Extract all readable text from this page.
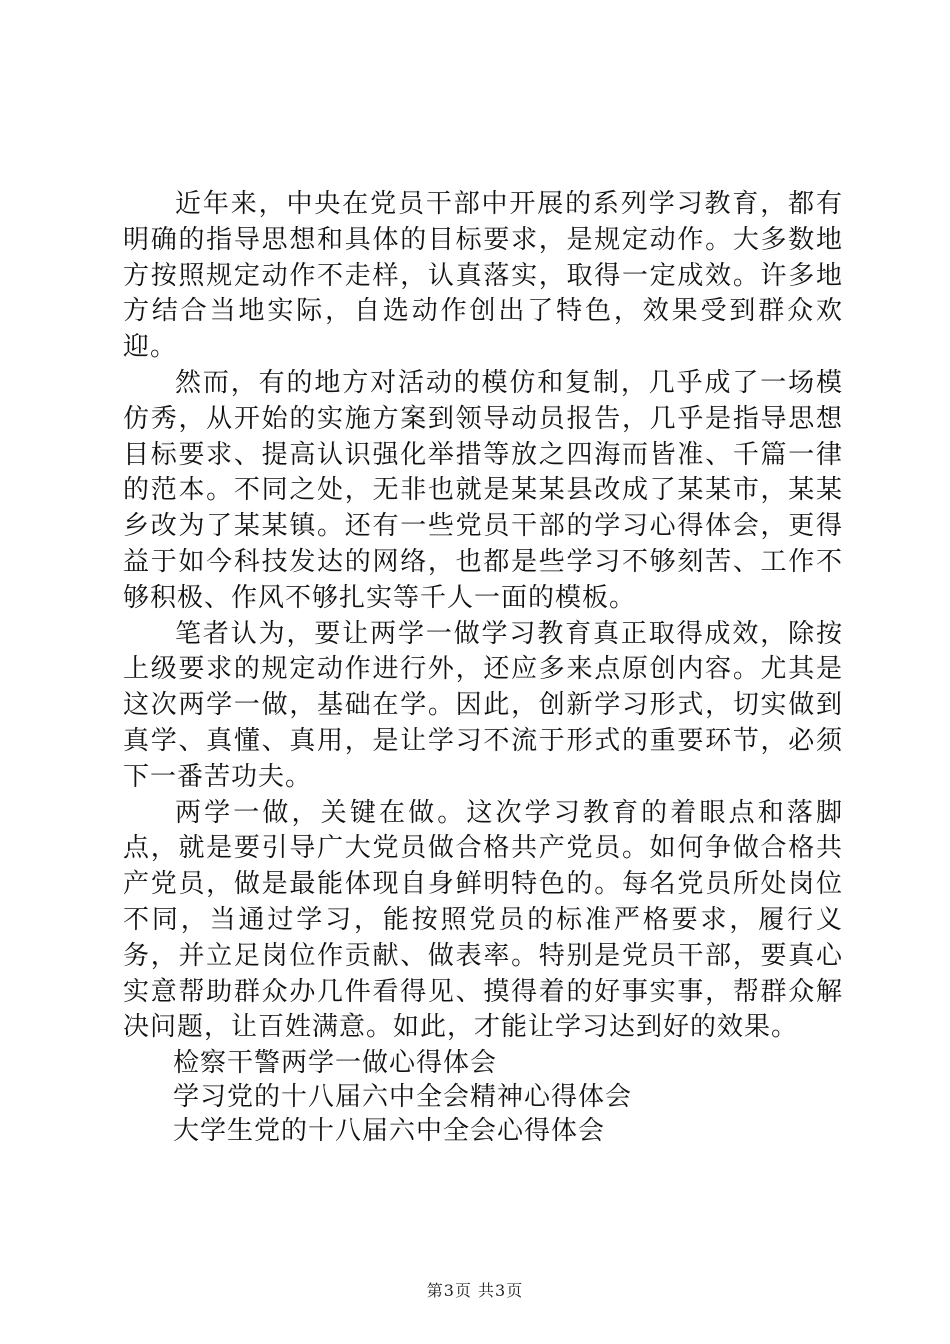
近年来，中央在党员干部中开展的系列学习教育，都有明确的指导思想和具体的目标要求，是规定动作。大多数地方按照规定动作不走样，认真落实，取得一定成效。许多地方结合当地实际，自选动作创出了特色，效果受到群众欢迎。

然而，有的地方对活动的模仿和复制，几乎成了一场模仿秀，从开始的实施方案到领导动员报告，几乎是指导思想目标要求、提高认识强化举措等放之四海而皆准、千篇一律的范本。不同之处，无非也就是某某县改成了某某市，某某乡改为了某某镇。还有一些党员干部的学习心得体会，更得益于如今科技发达的网络，也都是些学习不够刻苦、工作不够积极、作风不够扎实等千人一面的模板。

笔者认为，要让两学一做学习教育真正取得成效，除按上级要求的规定动作进行外，还应多来点原创内容。尤其是这次两学一做，基础在学。因此，创新学习形式，切实做到真学、真懂、真用，是让学习不流于形式的重要环节，必须下一番苦功夫。

两学一做，关键在做。这次学习教育的着眼点和落脚点，就是要引导广大党员做合格共产党员。如何争做合格共产党员，做是最能体现自身鲜明特色的。每名党员所处岗位不同，当通过学习，能按照党员的标准严格要求，履行义务，并立足岗位作贡献、做表率。特别是党员干部，要真心实意帮助群众办几件看得见、摸得着的好事实事，帮群众解决问题，让百姓满意。如此，才能让学习达到好的效果。

检察干警两学一做心得体会
学习党的十八届六中全会精神心得体会
大学生党的十八届六中全会心得体会
第3页 共3页
